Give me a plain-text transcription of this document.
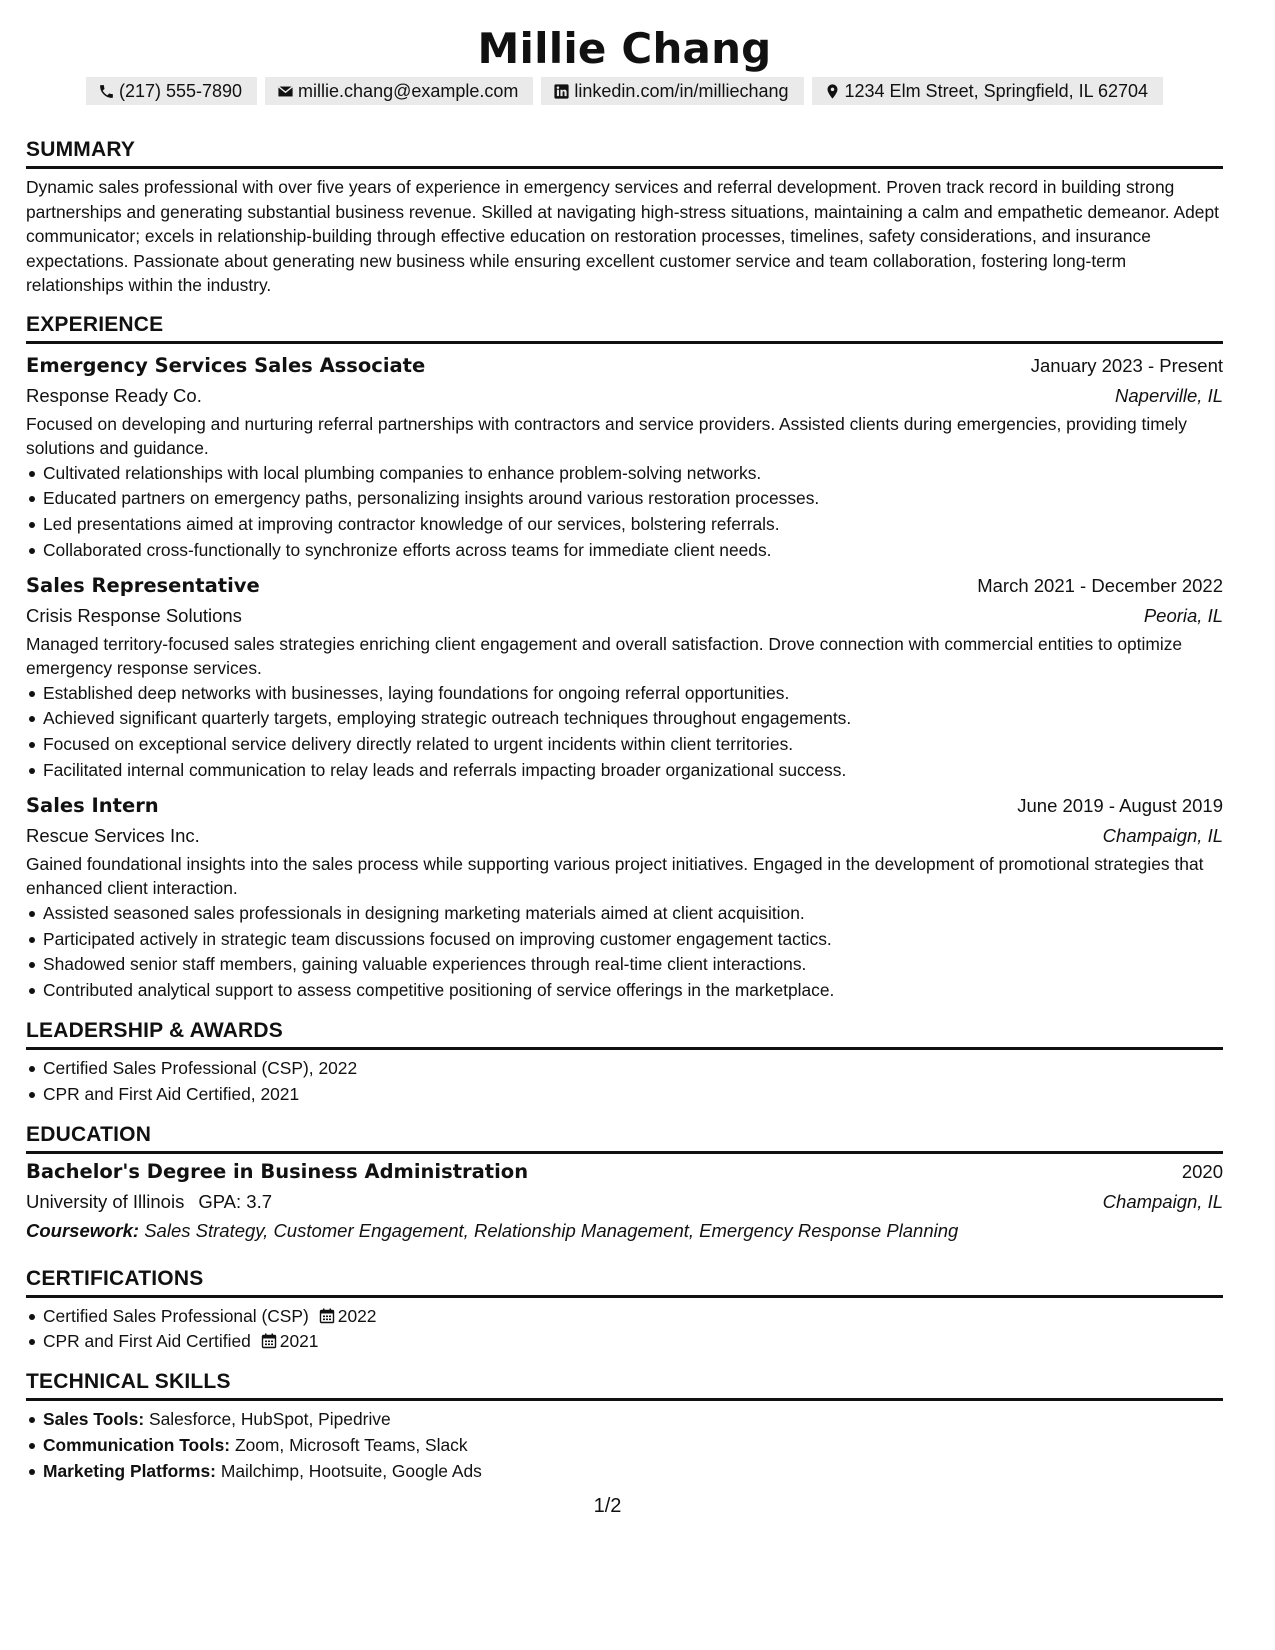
Millie Chang
(217) 555-7890	millie.chang@example.com	linkedin.com/in/milliechang	1234 Elm Street, Springfield, IL 62704
SUMMARY
Dynamic sales professional with over five years of experience in emergency services and referral development. Proven track record in building strong partnerships and generating substantial business revenue. Skilled at navigating high-stress situations, maintaining a calm and empathetic demeanor. Adept communicator; excels in relationship-building through effective education on restoration processes, timelines, safety considerations, and insurance expectations. Passionate about generating new business while ensuring excellent customer service and team collaboration, fostering long-term relationships within the industry.
EXPERIENCE
Emergency Services Sales Associate	January 2023 - Present
Response Ready Co.	Naperville, IL
Focused on developing and nurturing referral partnerships with contractors and service providers. Assisted clients during emergencies, providing timely solutions and guidance.
Cultivated relationships with local plumbing companies to enhance problem-solving networks.
Educated partners on emergency paths, personalizing insights around various restoration processes.
Led presentations aimed at improving contractor knowledge of our services, bolstering referrals.
Collaborated cross-functionally to synchronize efforts across teams for immediate client needs.
Sales Representative	March 2021 - December 2022
Crisis Response Solutions	Peoria, IL
Managed territory-focused sales strategies enriching client engagement and overall satisfaction. Drove connection with commercial entities to optimize emergency response services.
Established deep networks with businesses, laying foundations for ongoing referral opportunities.
Achieved significant quarterly targets, employing strategic outreach techniques throughout engagements.
Focused on exceptional service delivery directly related to urgent incidents within client territories.
Facilitated internal communication to relay leads and referrals impacting broader organizational success.
Sales Intern	June 2019 - August 2019
Rescue Services Inc.	Champaign, IL
Gained foundational insights into the sales process while supporting various project initiatives. Engaged in the development of promotional strategies that enhanced client interaction.
Assisted seasoned sales professionals in designing marketing materials aimed at client acquisition.
Participated actively in strategic team discussions focused on improving customer engagement tactics.
Shadowed senior staff members, gaining valuable experiences through real-time client interactions.
Contributed analytical support to assess competitive positioning of service offerings in the marketplace.
LEADERSHIP & AWARDS
Certified Sales Professional (CSP), 2022
CPR and First Aid Certified, 2021
EDUCATION
Bachelor's Degree in Business Administration	2020
University of Illinois GPA: 3.7	Champaign, IL
Coursework: Sales Strategy, Customer Engagement, Relationship Management, Emergency Response Planning
CERTIFICATIONS
Certified Sales Professional (CSP) 2022
CPR and First Aid Certified 2021
TECHNICAL SKILLS
Sales Tools: Salesforce, HubSpot, Pipedrive
Communication Tools: Zoom, Microsoft Teams, Slack
Marketing Platforms: Mailchimp, Hootsuite, Google Ads
1/2
